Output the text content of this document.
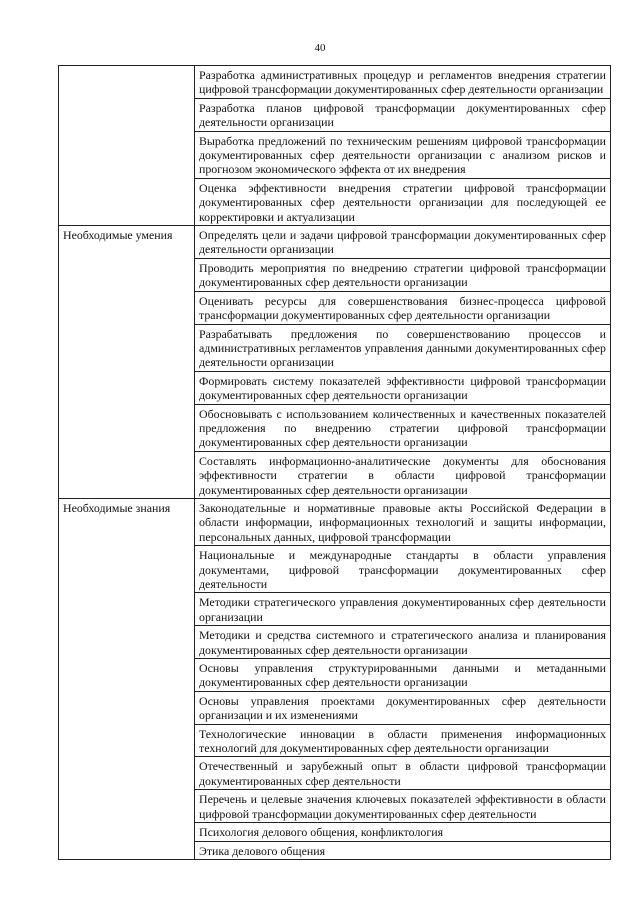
40
	Разработка административных процедур и регламентов внедрения стратегии цифровой трансформации документированных сфер деятельности организации
	Разработка планов цифровой трансформации документированных сфер деятельности организации
	Выработка предложений по техническим решениям цифровой трансформации документированных сфер деятельности организации с анализом рисков и прогнозом экономического эффекта от их внедрения
	Оценка эффективности внедрения стратегии цифровой трансформации документированных сфер деятельности организации для последующей ее корректировки и актуализации
Необходимые умения	Определять цели и задачи цифровой трансформации документированных сфер деятельности организации
	Проводить мероприятия по внедрению стратегии цифровой трансформации документированных сфер деятельности организации
	Оценивать ресурсы для совершенствования бизнес-процесса цифровой трансформации документированных сфер деятельности организации
	Разрабатывать предложения по совершенствованию процессов и административных регламентов управления данными документированных сфер деятельности организации
	Формировать систему показателей эффективности цифровой трансформации документированных сфер деятельности организации
	Обосновывать с использованием количественных и качественных показателей предложения по внедрению стратегии цифровой трансформации документированных сфер деятельности организации
	Составлять информационно-аналитические документы для обоснования эффективности стратегии в области цифровой трансформации документированных сфер деятельности организации
Необходимые знания	Законодательные и нормативные правовые акты Российской Федерации в области информации, информационных технологий и защиты информации, персональных данных, цифровой трансформации
	Национальные и международные стандарты в области управления документами, цифровой трансформации документированных сфер деятельности
	Методики стратегического управления документированных сфер деятельности организации
	Методики и средства системного и стратегического анализа и планирования документированных сфер деятельности организации
	Основы управления структурированными данными и метаданными документированных сфер деятельности организации
	Основы управления проектами документированных сфер деятельности организации и их изменениями
	Технологические инновации в области применения информационных технологий для документированных сфер деятельности организации
	Отечественный и зарубежный опыт в области цифровой трансформации документированных сфер деятельности
	Перечень и целевые значения ключевых показателей эффективности в области цифровой трансформации документированных сфер деятельности
	Психология делового общения, конфликтология
	Этика делового общения
